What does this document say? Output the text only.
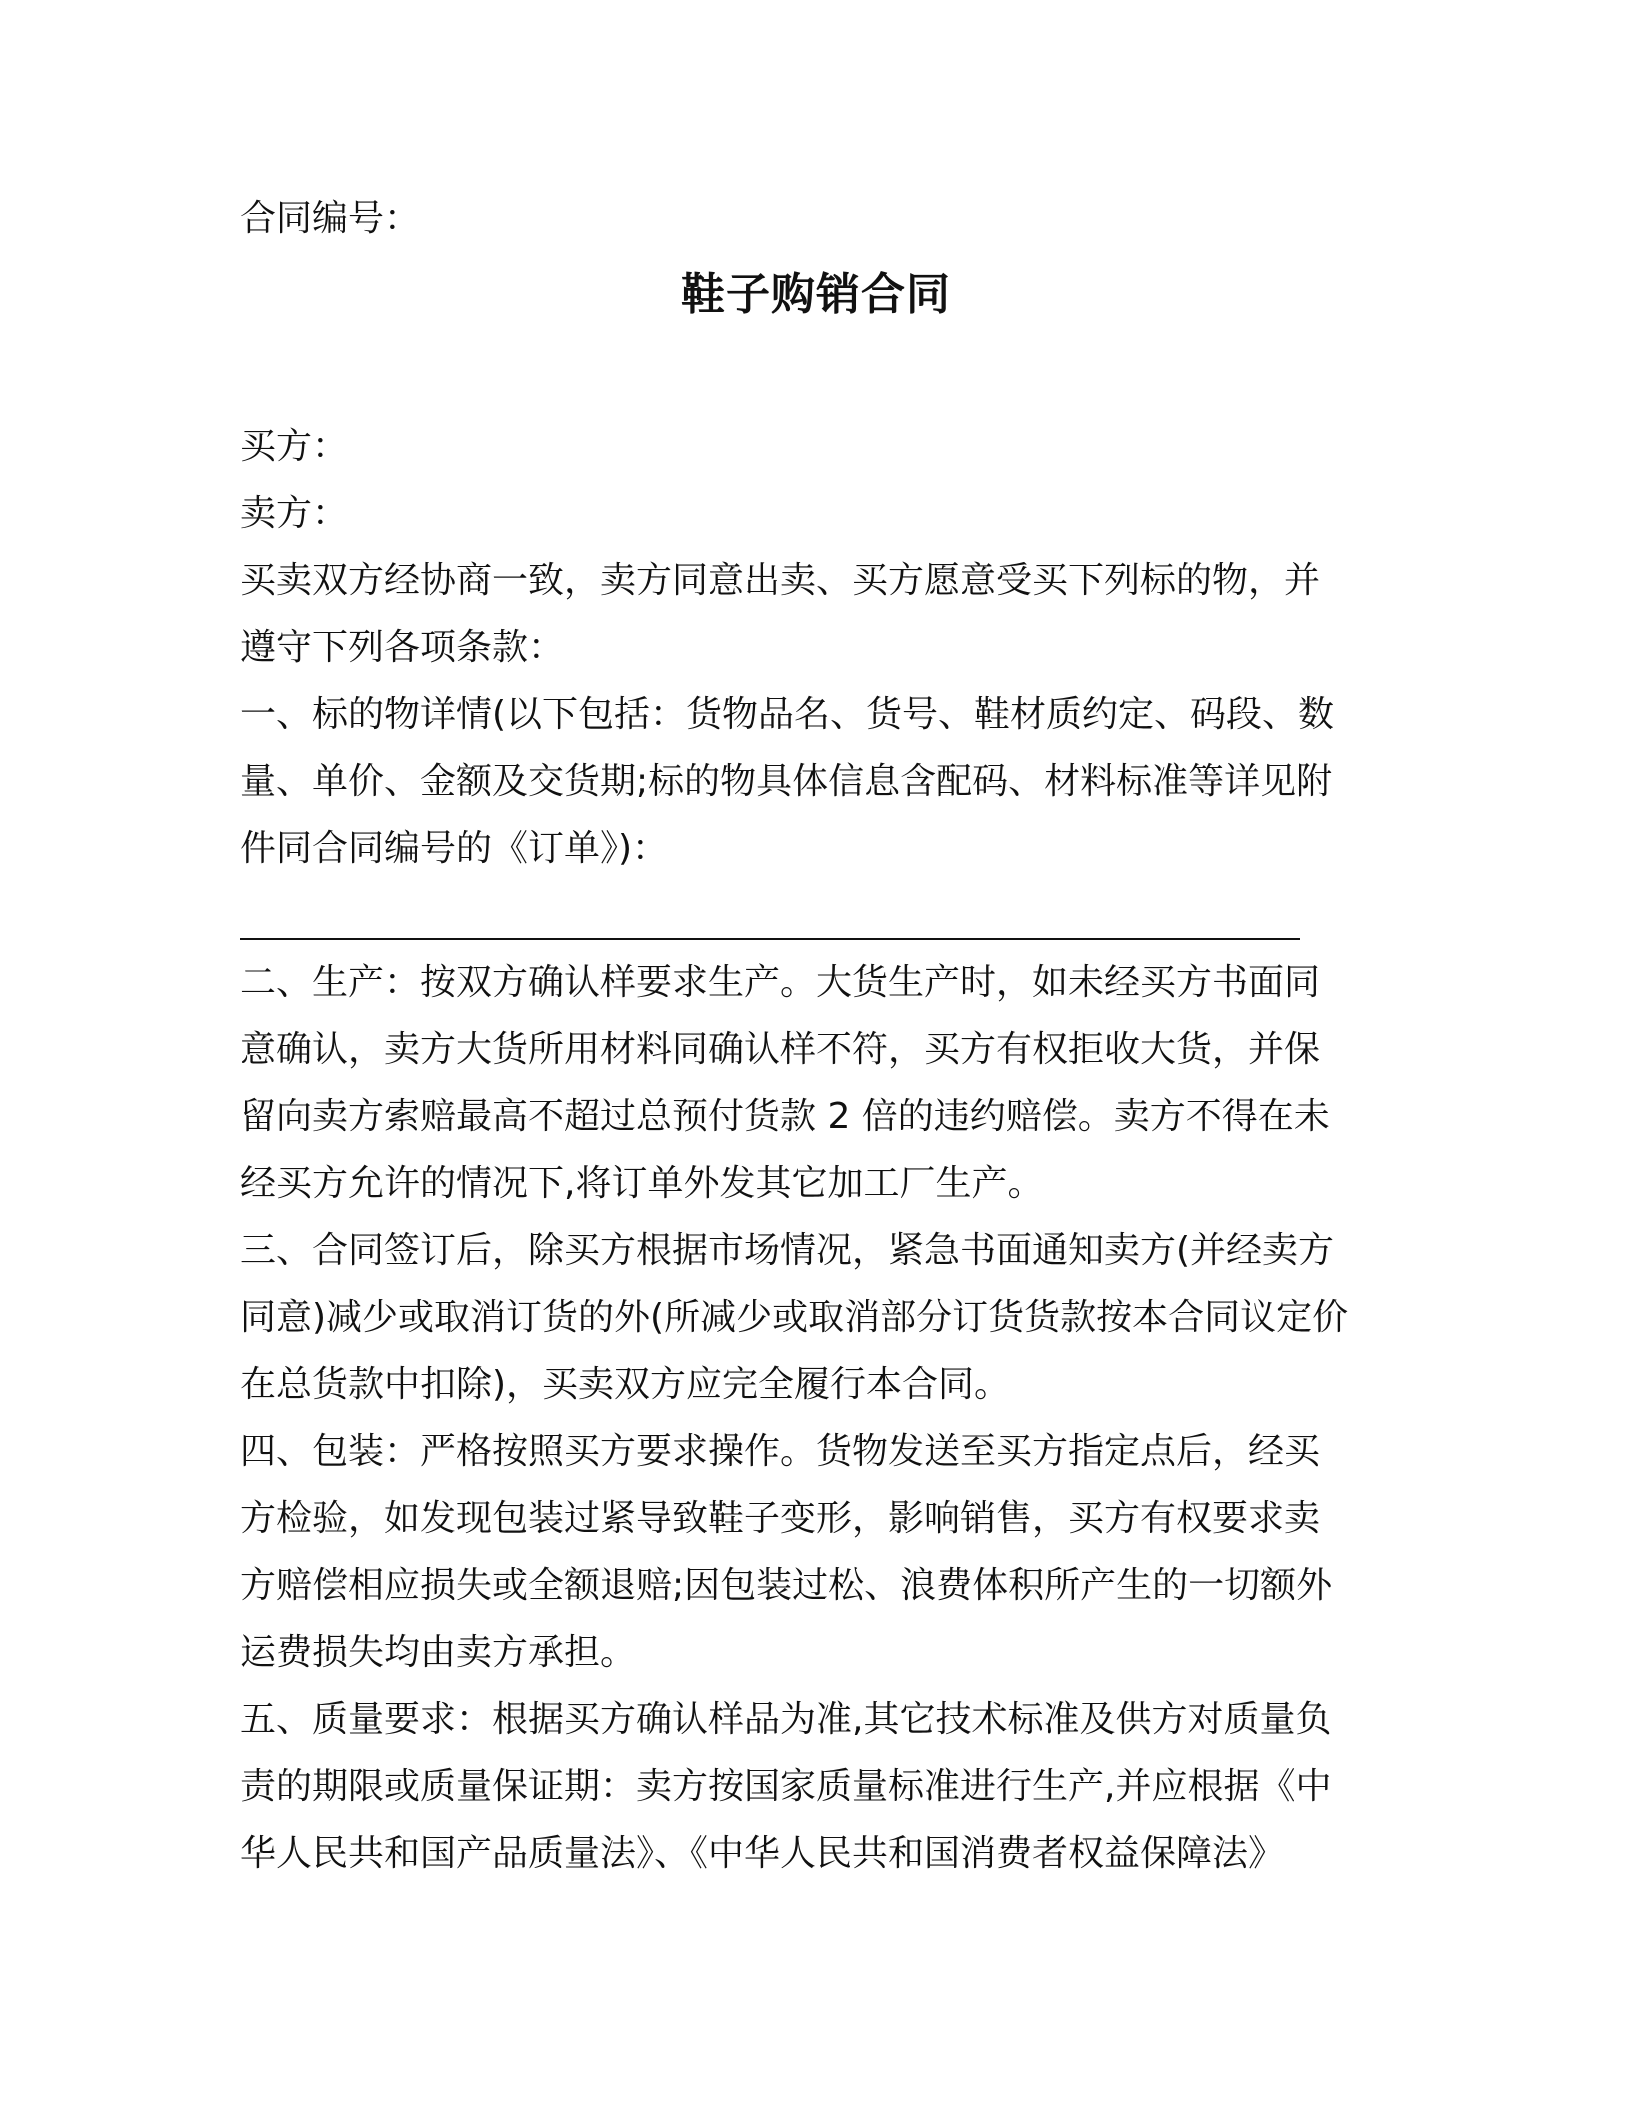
合同编号：
鞋子购销合同
买方：
卖方：
买卖双方经协商一致，卖方同意出卖、买方愿意受买下列标的物，并
遵守下列各项条款：
一、标的物详情(以下包括：货物品名、货号、鞋材质约定、码段、数
量、单价、金额及交货期;标的物具体信息含配码、材料标准等详见附
件同合同编号的《订单》)：
二、生产：按双方确认样要求生产。大货生产时，如未经买方书面同
意确认，卖方大货所用材料同确认样不符，买方有权拒收大货，并保
留向卖方索赔最高不超过总预付货款 2 倍的违约赔偿。卖方不得在未
经买方允许的情况下,将订单外发其它加工厂生产。
三、合同签订后，除买方根据市场情况，紧急书面通知卖方(并经卖方
同意)减少或取消订货的外(所减少或取消部分订货货款按本合同议定价
在总货款中扣除)，买卖双方应完全履行本合同。
四、包装：严格按照买方要求操作。货物发送至买方指定点后，经买
方检验，如发现包装过紧导致鞋子变形，影响销售，买方有权要求卖
方赔偿相应损失或全额退赔;因包装过松、浪费体积所产生的一切额外
运费损失均由卖方承担。
五、质量要求：根据买方确认样品为准,其它技术标准及供方对质量负
责的期限或质量保证期：卖方按国家质量标准进行生产,并应根据《中
华人民共和国产品质量法》、《中华人民共和国消费者权益保障法》
